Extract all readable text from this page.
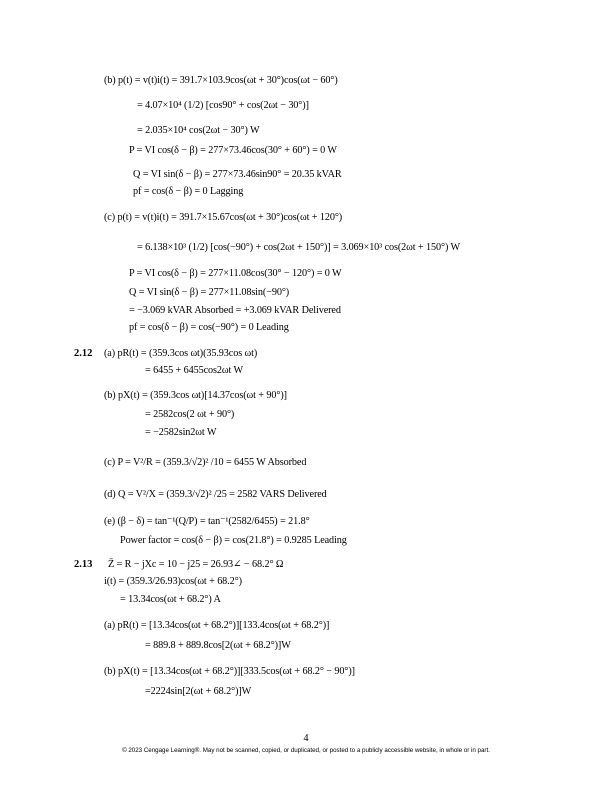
(b) p(t) = v(t)i(t) = 391.7×103.9cos(ωt + 30°)cos(ωt − 60°)
= 4.07×10⁴ (1/2) [cos90° + cos(2ωt − 30°)]
= 2.035×10⁴ cos(2ωt − 30°) W
P = VI cos(δ − β) = 277×73.46cos(30° + 60°) = 0 W
Q = VI sin(δ − β) = 277×73.46sin90° = 20.35 kVAR
pf = cos(δ − β) = 0 Lagging
(c) p(t) = v(t)i(t) = 391.7×15.67cos(ωt + 30°)cos(ωt + 120°)
= 6.138×10³ (1/2) [cos(−90°) + cos(2ωt + 150°)] = 3.069×10³ cos(2ωt + 150°) W
P = VI cos(δ − β) = 277×11.08cos(30° − 120°) = 0 W
Q = VI sin(δ − β) = 277×11.08sin(−90°)
= −3.069 kVAR Absorbed = +3.069 kVAR Delivered
pf = cos(δ − β) = cos(−90°) = 0 Leading
2.12 (a) pR(t) = (359.3cos ωt)(35.93cos ωt)
= 6455 + 6455cos2ωt W
(b) pX(t) = (359.3cos ωt)[14.37cos(ωt + 90°)]
= 2582cos(2 ωt + 90°)
= −2582sin2ωt W
(c) P = V²/R = (359.3/√2)² /10 = 6455 W Absorbed
(d) Q = V²/X = (359.3/√2)² /25 = 2582 VARS Delivered
(e) (β − δ) = tan⁻¹(Q/P) = tan⁻¹(2582/6455) = 21.8°
Power factor = cos(δ − β) = cos(21.8°) = 0.9285 Leading
2.13 Z̄ = R − jXc = 10 − j25 = 26.93∠ − 68.2° Ω
i(t) = (359.3/26.93)cos(ωt + 68.2°)
= 13.34cos(ωt + 68.2°) A
(a) pR(t) = [13.34cos(ωt + 68.2°)][133.4cos(ωt + 68.2°)]
= 889.8 + 889.8cos[2(ωt + 68.2°)]W
(b) pX(t) = [13.34cos(ωt + 68.2°)][333.5cos(ωt + 68.2° − 90°)]
=2224sin[2(ωt + 68.2°)]W
4
© 2023 Cengage Learning®. May not be scanned, copied, or duplicated, or posted to a publicly accessible website, in whole or in part.
